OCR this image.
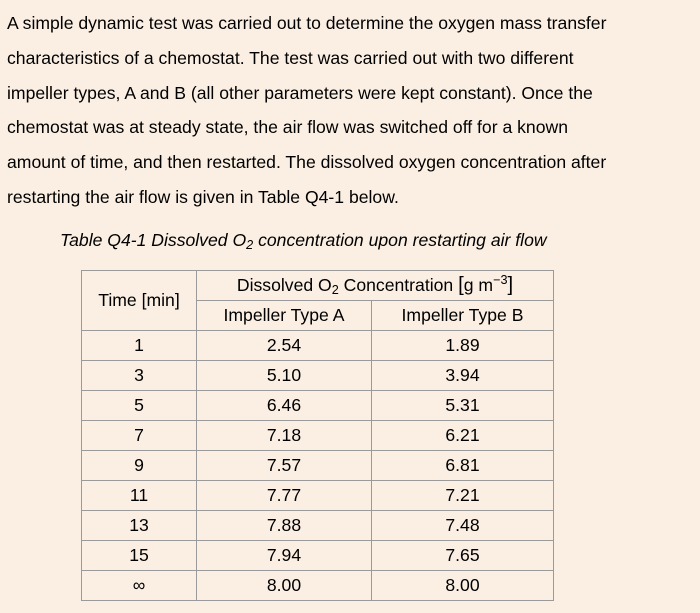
A simple dynamic test was carried out to determine the oxygen mass transfer
characteristics of a chemostat. The test was carried out with two different
impeller types, A and B (all other parameters were kept constant). Once the
chemostat was at steady state, the air flow was switched off for a known
amount of time, and then restarted. The dissolved oxygen concentration after
restarting the air flow is given in Table Q4-1 below.

Table Q4-1 Dissolved $O_2$ concentration upon restarting air flow

Time [min]	Dissolved $O_2$ Concentration [g $m^{-3}$]	
	Impeller Type A	Impeller Type B
1	2.54	1.89
3	5.10	3.94
5	6.46	5.31
7	7.18	6.21
9	7.57	6.81
11	7.77	7.21
13	7.88	7.48
15	7.94	7.65
∞	8.00	8.00
